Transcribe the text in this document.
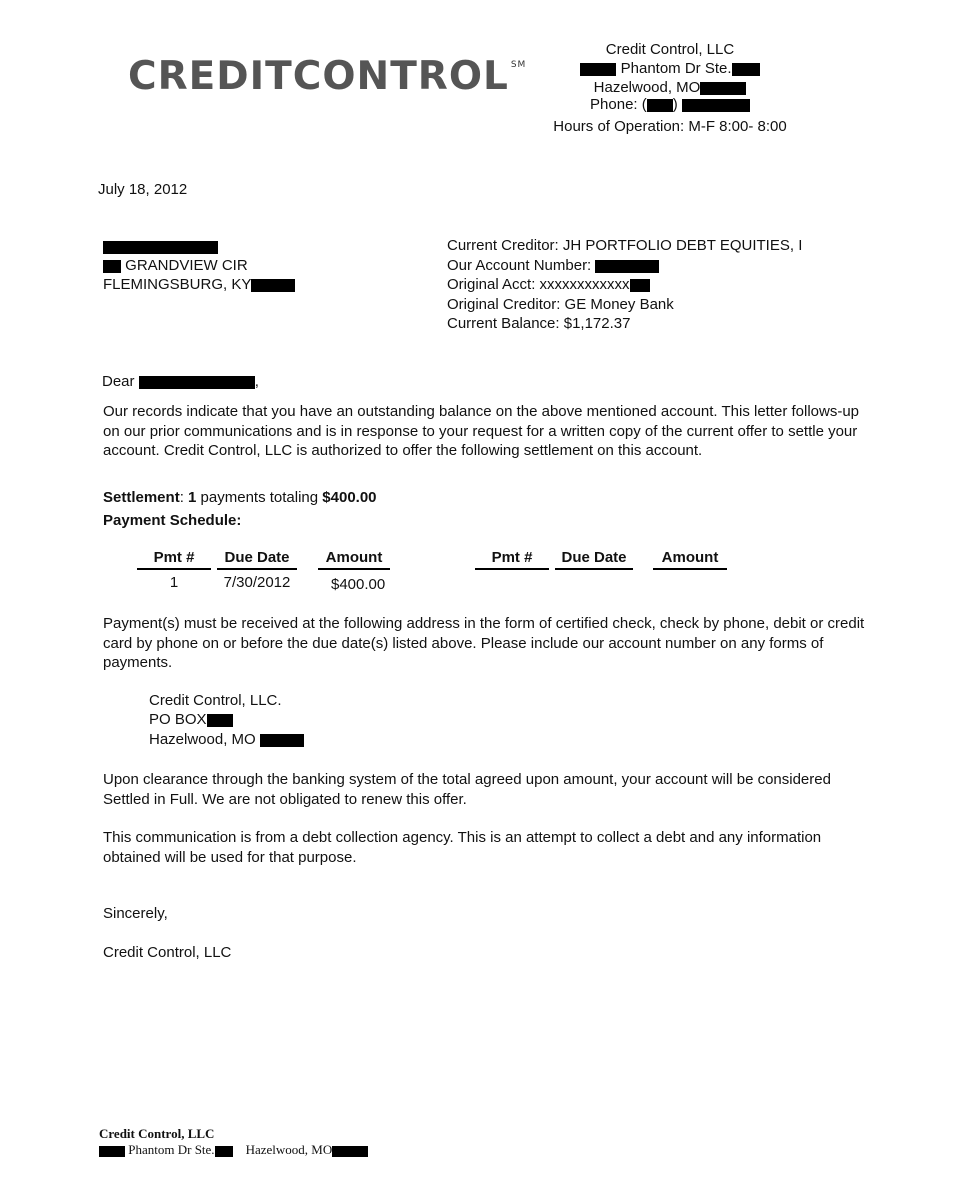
CREDITCONTROL ℠
Credit Control, LLC
Phantom Dr Ste.
Hazelwood, MO
Phone: ( )
Hours of Operation: M-F 8:00- 8:00
July 18, 2012
GRANDVIEW CIR
FLEMINGSBURG, KY
Current Creditor: JH PORTFOLIO DEBT EQUITIES, I
Our Account Number:
Original Acct: xxxxxxxxxxxx
Original Creditor: GE Money Bank
Current Balance: $1,172.37
Dear	,
Our records indicate that you have an outstanding balance on the above mentioned account. This letter follows-up on our prior communications and is in response to your request for a written copy of the current offer to settle your account. Credit Control, LLC is authorized to offer the following settlement on this account.
Settlement: 1 payments totaling $400.00
Payment Schedule:
Pmt #	Due Date	Amount	Pmt #	Due Date	Amount
1	7/30/2012	$400.00
Payment(s) must be received at the following address in the form of certified check, check by phone, debit or credit card by phone on or before the due date(s) listed above. Please include our account number on any forms of payments.
Credit Control, LLC.
PO BOX
Hazelwood, MO
Upon clearance through the banking system of the total agreed upon amount, your account will be considered Settled in Full. We are not obligated to renew this offer.
This communication is from a debt collection agency. This is an attempt to collect a debt and any information obtained will be used for that purpose.
Sincerely,
Credit Control, LLC
Credit Control, LLC
Phantom Dr Ste. Hazelwood, MO
